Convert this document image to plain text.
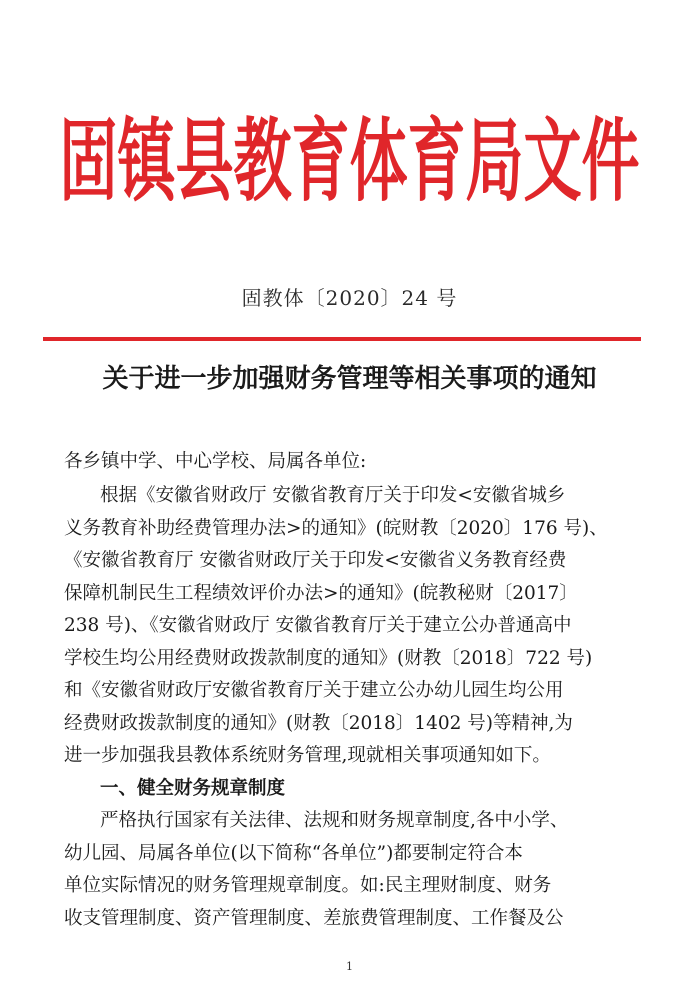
固镇县教育体育局文件
固教体〔2020〕24 号
关于进一步加强财务管理等相关事项的通知
各乡镇中学、中心学校、局属各单位:
根据《安徽省财政厅 安徽省教育厅关于印发<安徽省城乡
义务教育补助经费管理办法>的通知》(皖财教〔2020〕176 号)、
《安徽省教育厅 安徽省财政厅关于印发<安徽省义务教育经费
保障机制民生工程绩效评价办法>的通知》(皖教秘财〔2017〕
238 号)、《安徽省财政厅 安徽省教育厅关于建立公办普通高中
学校生均公用经费财政拨款制度的通知》(财教〔2018〕722 号)
和《安徽省财政厅安徽省教育厅关于建立公办幼儿园生均公用
经费财政拨款制度的通知》(财教〔2018〕1402 号)等精神,为
进一步加强我县教体系统财务管理,现就相关事项通知如下。
一、健全财务规章制度
严格执行国家有关法律、法规和财务规章制度,各中小学、
幼儿园、局属各单位(以下简称“各单位”)都要制定符合本
单位实际情况的财务管理规章制度。如:民主理财制度、财务
收支管理制度、资产管理制度、差旅费管理制度、工作餐及公
1
